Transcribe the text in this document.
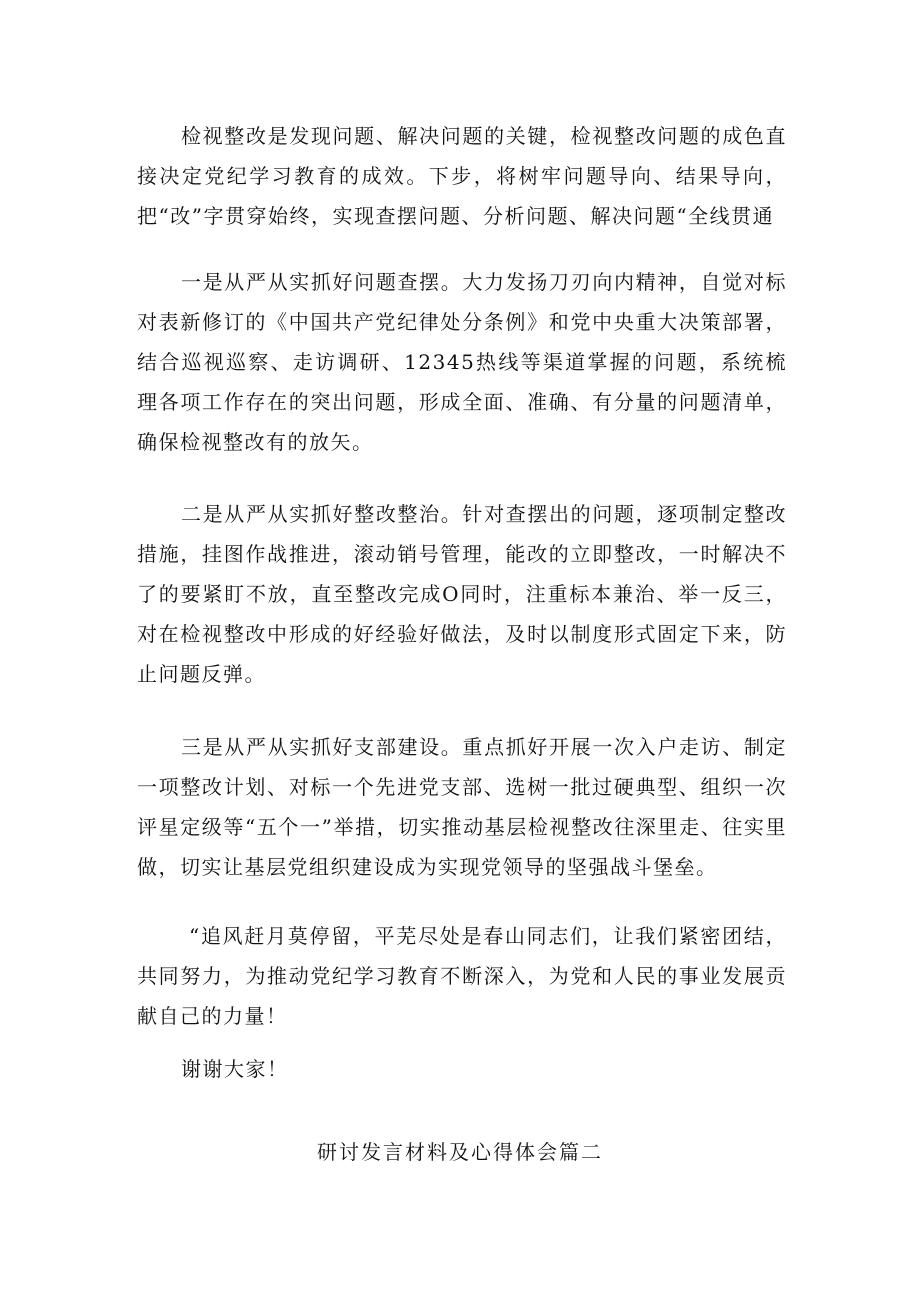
检视整改是发现问题、解决问题的关键，检视整改问题的成色直接决定党纪学习教育的成效。下步，将树牢问题导向、结果导向，把“改”字贯穿始终，实现查摆问题、分析问题、解决问题“全线贯通

一是从严从实抓好问题查摆。大力发扬刀刃向内精神，自觉对标对表新修订的《中国共产党纪律处分条例》和党中央重大决策部署，结合巡视巡察、走访调研、12345热线等渠道掌握的问题，系统梳理各项工作存在的突出问题，形成全面、准确、有分量的问题清单，确保检视整改有的放矢。

二是从严从实抓好整改整治。针对查摆出的问题，逐项制定整改措施，挂图作战推进，滚动销号管理，能改的立即整改，一时解决不了的要紧盯不放，直至整改完成O同时，注重标本兼治、举一反三，对在检视整改中形成的好经验好做法，及时以制度形式固定下来，防止问题反弹。

三是从严从实抓好支部建设。重点抓好开展一次入户走访、制定一项整改计划、对标一个先进党支部、选树一批过硬典型、组织一次评星定级等“五个一”举措，切实推动基层检视整改往深里走、往实里做，切实让基层党组织建设成为实现党领导的坚强战斗堡垒。

“追风赶月莫停留，平芜尽处是春山同志们，让我们紧密团结，共同努力，为推动党纪学习教育不断深入，为党和人民的事业发展贡献自己的力量！

谢谢大家！

研讨发言材料及心得体会篇二
